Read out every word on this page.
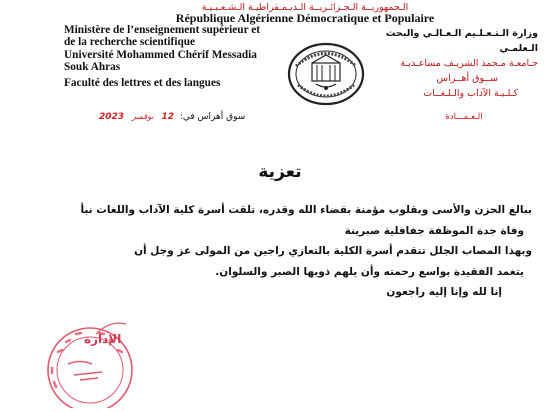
الـجمهوريــة الـجـزائـريــة الـديـمـقراطيـة الـشـعـبـيـة
République Algérienne Démocratique et Populaire
Ministère de l’enseignement supérieur et
de la recherche scientifique
Université Mohammed Chérif Messadia
Souk Ahras
Faculté des lettres et des langues
وزارة الـتـعـلـيم الـعـالـي والبحث الـعلمـي
جـامعـة مـحمد الشريـف مساعـديـة
ســوق أهــراس
كـلـيـة الآداب والـلـغــات
الـعـمـــادة
سوق أهراس في: 12 نوفمبر 2023
تعزية

ببالغ الحزن والأسى وبقلوب مؤمنة بقضاء الله وقدره، تلقت أسرة كلية الآداب واللغات نبأ

وفاة جدة الموظفة جفافلية صبرينة

وبهذا المصاب الجلل تتقدم أسرة الكلية بالتعازي راجين من المولى عز وجل أن

يتغمد الفقيدة بواسع رحمته وأن يلهم ذويها الصبر والسلوان.

إنا لله وإنا إليه راجعون

الإدارة
